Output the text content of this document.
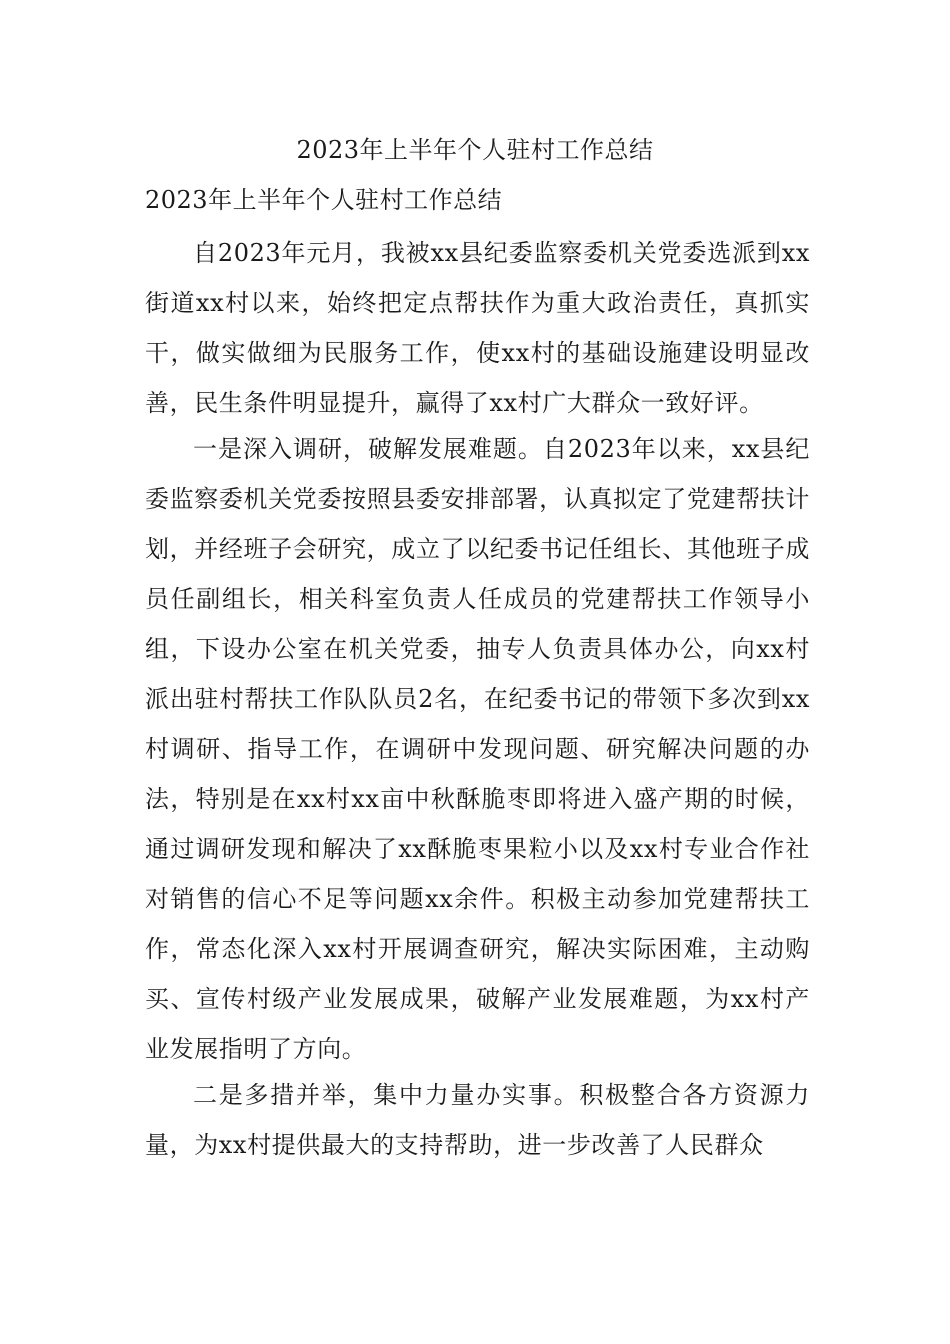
2023年上半年个人驻村工作总结

2023年上半年个人驻村工作总结

自2023年元月，我被xx县纪委监察委机关党委选派到xx街道xx村以来，始终把定点帮扶作为重大政治责任，真抓实干，做实做细为民服务工作，使xx村的基础设施建设明显改善，民生条件明显提升，赢得了xx村广大群众一致好评。

一是深入调研，破解发展难题。自2023年以来，xx县纪委监察委机关党委按照县委安排部署，认真拟定了党建帮扶计划，并经班子会研究，成立了以纪委书记任组长、其他班子成员任副组长，相关科室负责人任成员的党建帮扶工作领导小组，下设办公室在机关党委，抽专人负责具体办公，向xx村派出驻村帮扶工作队队员2名，在纪委书记的带领下多次到xx村调研、指导工作，在调研中发现问题、研究解决问题的办法，特别是在xx村xx亩中秋酥脆枣即将进入盛产期的时候，通过调研发现和解决了xx酥脆枣果粒小以及xx村专业合作社对销售的信心不足等问题xx余件。积极主动参加党建帮扶工作，常态化深入xx村开展调查研究，解决实际困难，主动购买、宣传村级产业发展成果，破解产业发展难题，为xx村产业发展指明了方向。

二是多措并举，集中力量办实事。积极整合各方资源力量，为xx村提供最大的支持帮助，进一步改善了人民群众
